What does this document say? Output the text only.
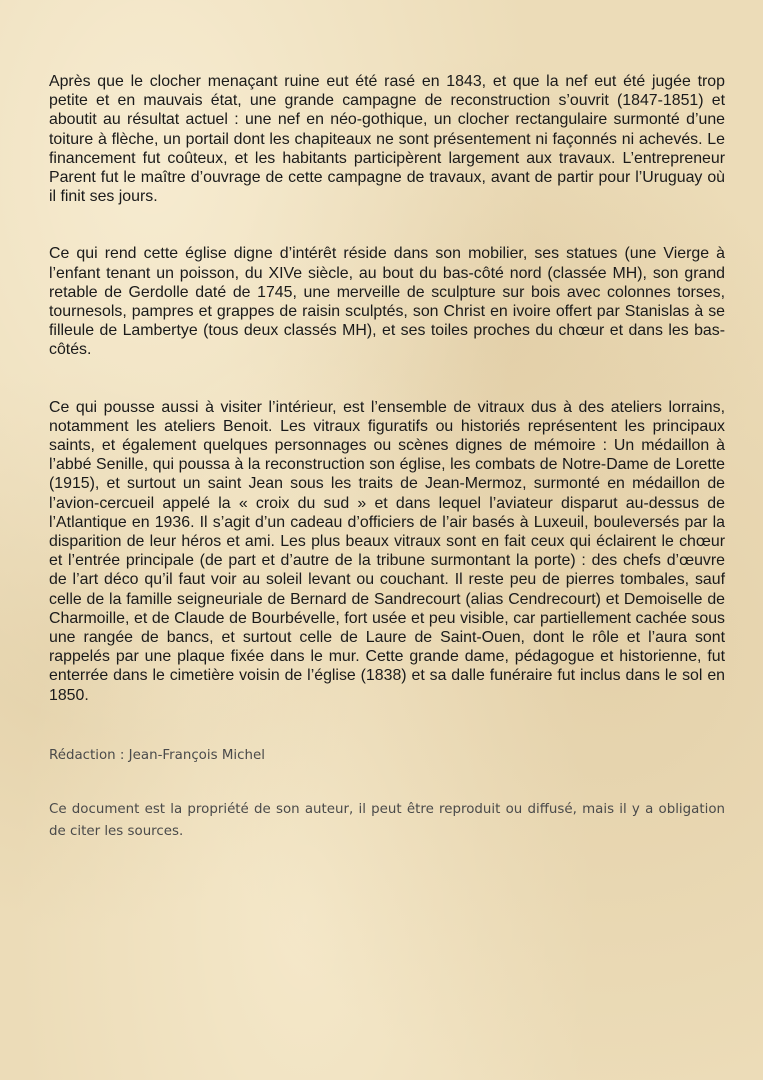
Après que le clocher menaçant ruine eut été rasé en 1843, et que la nef eut été jugée trop petite et en mauvais état, une grande campagne de reconstruction s’ouvrit (1847-1851) et aboutit au résultat actuel : une nef en néo-gothique, un clocher rectangulaire surmonté d’une toiture à flèche, un portail dont les chapiteaux ne sont présentement ni façonnés ni achevés. Le financement fut coûteux, et les habitants participèrent largement aux travaux. L’entrepreneur Parent fut le maître d’ouvrage de cette campagne de travaux, avant de partir pour l’Uruguay où il finit ses jours.

Ce qui rend cette église digne d’intérêt réside dans son mobilier, ses statues (une Vierge à l’enfant tenant un poisson, du XIVe siècle, au bout du bas-côté nord (classée MH), son grand retable de Gerdolle daté de 1745, une merveille de sculpture sur bois avec colonnes torses, tournesols, pampres et grappes de raisin sculptés, son Christ en ivoire offert par Stanislas à se filleule de Lambertye (tous deux classés MH), et ses toiles proches du chœur et dans les bas-côtés.

Ce qui pousse aussi à visiter l’intérieur, est l’ensemble de vitraux dus à des ateliers lorrains, notamment les ateliers Benoit. Les vitraux figuratifs ou historiés représentent les principaux saints, et également quelques personnages ou scènes dignes de mémoire : Un médaillon à l’abbé Senille, qui poussa à la reconstruction son église, les combats de Notre-Dame de Lorette (1915), et surtout un saint Jean sous les traits de Jean-Mermoz, surmonté en médaillon de l’avion-cercueil appelé la « croix du sud » et dans lequel l’aviateur disparut au-dessus de l’Atlantique en 1936. Il s’agit d’un cadeau d’officiers de l’air basés à Luxeuil, bouleversés par la disparition de leur héros et ami. Les plus beaux vitraux sont en fait ceux qui éclairent le chœur et l’entrée principale (de part et d’autre de la tribune surmontant la porte) : des chefs d’œuvre de l’art déco qu’il faut voir au soleil levant ou couchant. Il reste peu de pierres tombales, sauf celle de la famille seigneuriale de Bernard de Sandrecourt (alias Cendrecourt) et Demoiselle de Charmoille, et de Claude de Bourbévelle, fort usée et peu visible, car partiellement cachée sous une rangée de bancs, et surtout celle de Laure de Saint-Ouen, dont le rôle et l’aura sont rappelés par une plaque fixée dans le mur. Cette grande dame, pédagogue et historienne, fut enterrée dans le cimetière voisin de l’église (1838) et sa dalle funéraire fut inclus dans le sol en 1850.

Rédaction : Jean-François Michel

Ce document est la propriété de son auteur, il peut être reproduit ou diffusé, mais il y a obligation de citer les sources.
